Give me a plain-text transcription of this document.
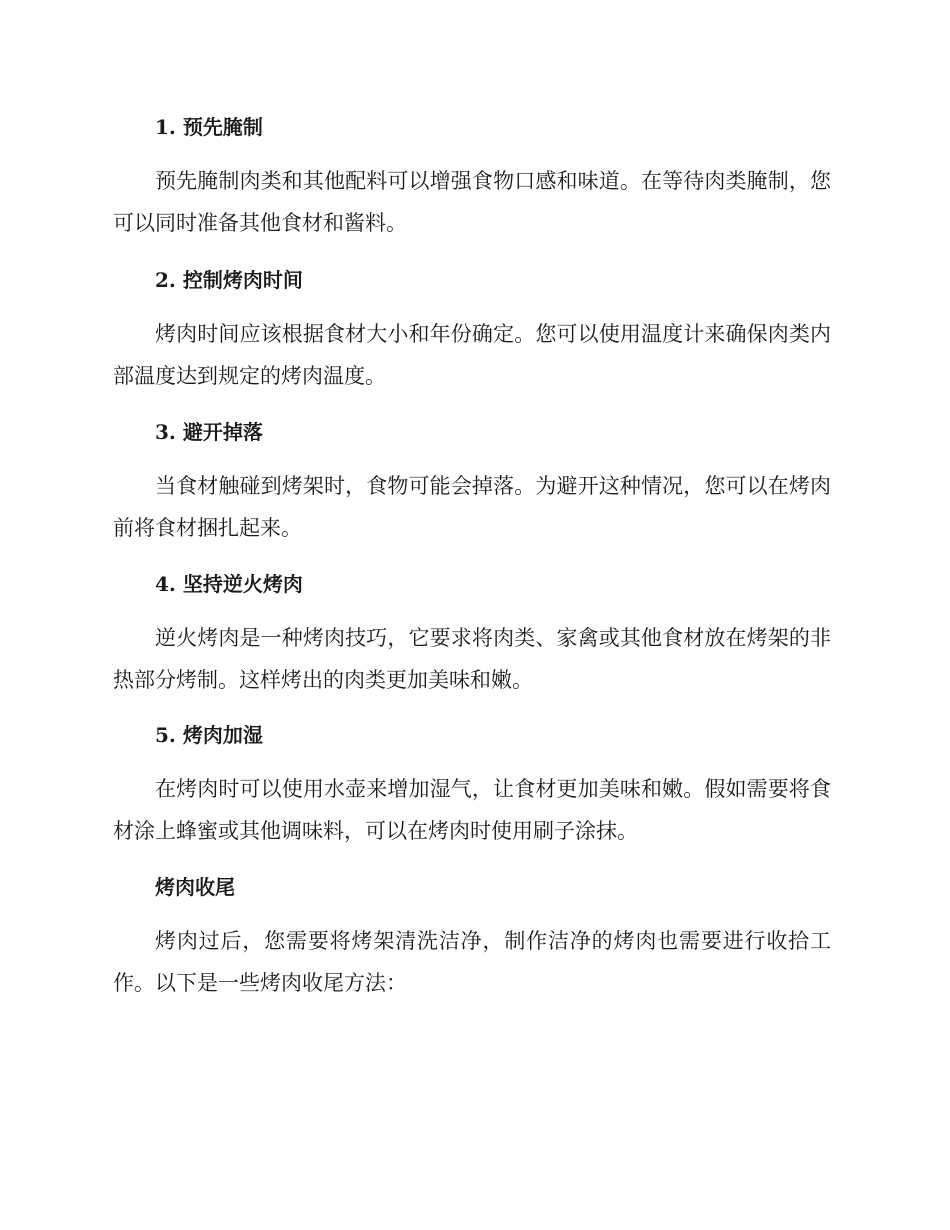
1. 预先腌制

预先腌制肉类和其他配料可以增强食物口感和味道。在等待肉类腌制，您可以同时准备其他食材和酱料。

2. 控制烤肉时间

烤肉时间应该根据食材大小和年份确定。您可以使用温度计来确保肉类内部温度达到规定的烤肉温度。

3. 避开掉落

当食材触碰到烤架时，食物可能会掉落。为避开这种情况，您可以在烤肉前将食材捆扎起来。

4. 坚持逆火烤肉

逆火烤肉是一种烤肉技巧，它要求将肉类、家禽或其他食材放在烤架的非热部分烤制。这样烤出的肉类更加美味和嫩。

5. 烤肉加湿

在烤肉时可以使用水壶来增加湿气，让食材更加美味和嫩。假如需要将食材涂上蜂蜜或其他调味料，可以在烤肉时使用刷子涂抹。

烤肉收尾

烤肉过后，您需要将烤架清洗洁净，制作洁净的烤肉也需要进行收拾工作。以下是一些烤肉收尾方法：
